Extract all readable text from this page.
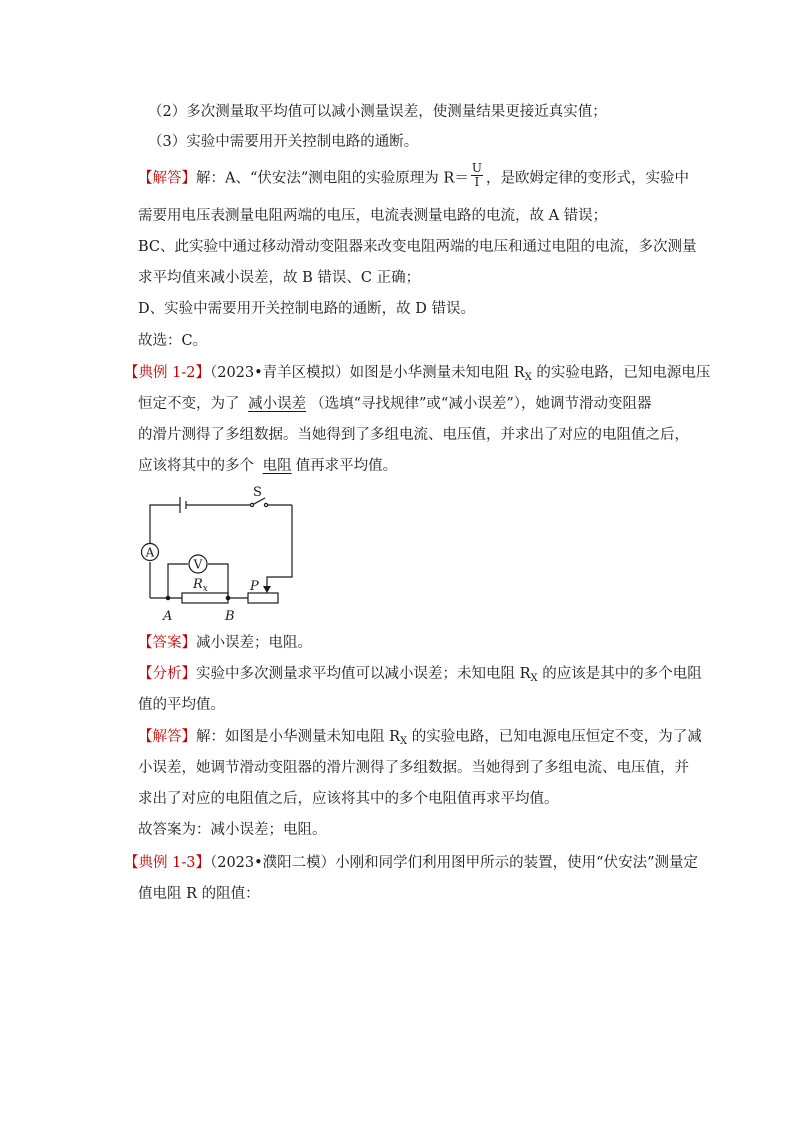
（2）多次测量取平均值可以减小测量误差，使测量结果更接近真实值；
（3）实验中需要用开关控制电路的通断。
【解答】解：A、“伏安法”测电阻的实验原理为 $R= \frac{U}{I}$ ，是欧姆定律的变形式，实验中
需要用电压表测量电阻两端的电压，电流表测量电路的电流，故 A 错误；
BC、此实验中通过移动滑动变阻器来改变电阻两端的电压和通过电阻的电流，多次测量
求平均值来减小误差，故 B 错误、C 正确；
D、实验中需要用开关控制电路的通断，故 D 错误。
故选：C。
【典例 1-2】（2023•青羊区模拟）如图是小华测量未知电阻 $R_X$ 的实验电路，已知电源电压
恒定不变，为了 减小误差 （选填“寻找规律”或“减小误差”），她调节滑动变阻器
的滑片测得了多组数据。当她得到了多组电流、电压值，并求出了对应的电阻值之后，
应该将其中的多个 电阻 值再求平均值。
A
V
S
$R_x$	P
A	B
【答案】减小误差；电阻。
【分析】实验中多次测量求平均值可以减小误差；未知电阻 $R_X$ 的应该是其中的多个电阻
值的平均值。
【解答】解：如图是小华测量未知电阻 $R_X$ 的实验电路，已知电源电压恒定不变，为了减
小误差，她调节滑动变阻器的滑片测得了多组数据。当她得到了多组电流、电压值，并
求出了对应的电阻值之后，应该将其中的多个电阻值再求平均值。
故答案为：减小误差；电阻。
【典例 1-3】（2023•濮阳二模）小刚和同学们利用图甲所示的装置，使用“伏安法”测量定
值电阻 R 的阻值：
